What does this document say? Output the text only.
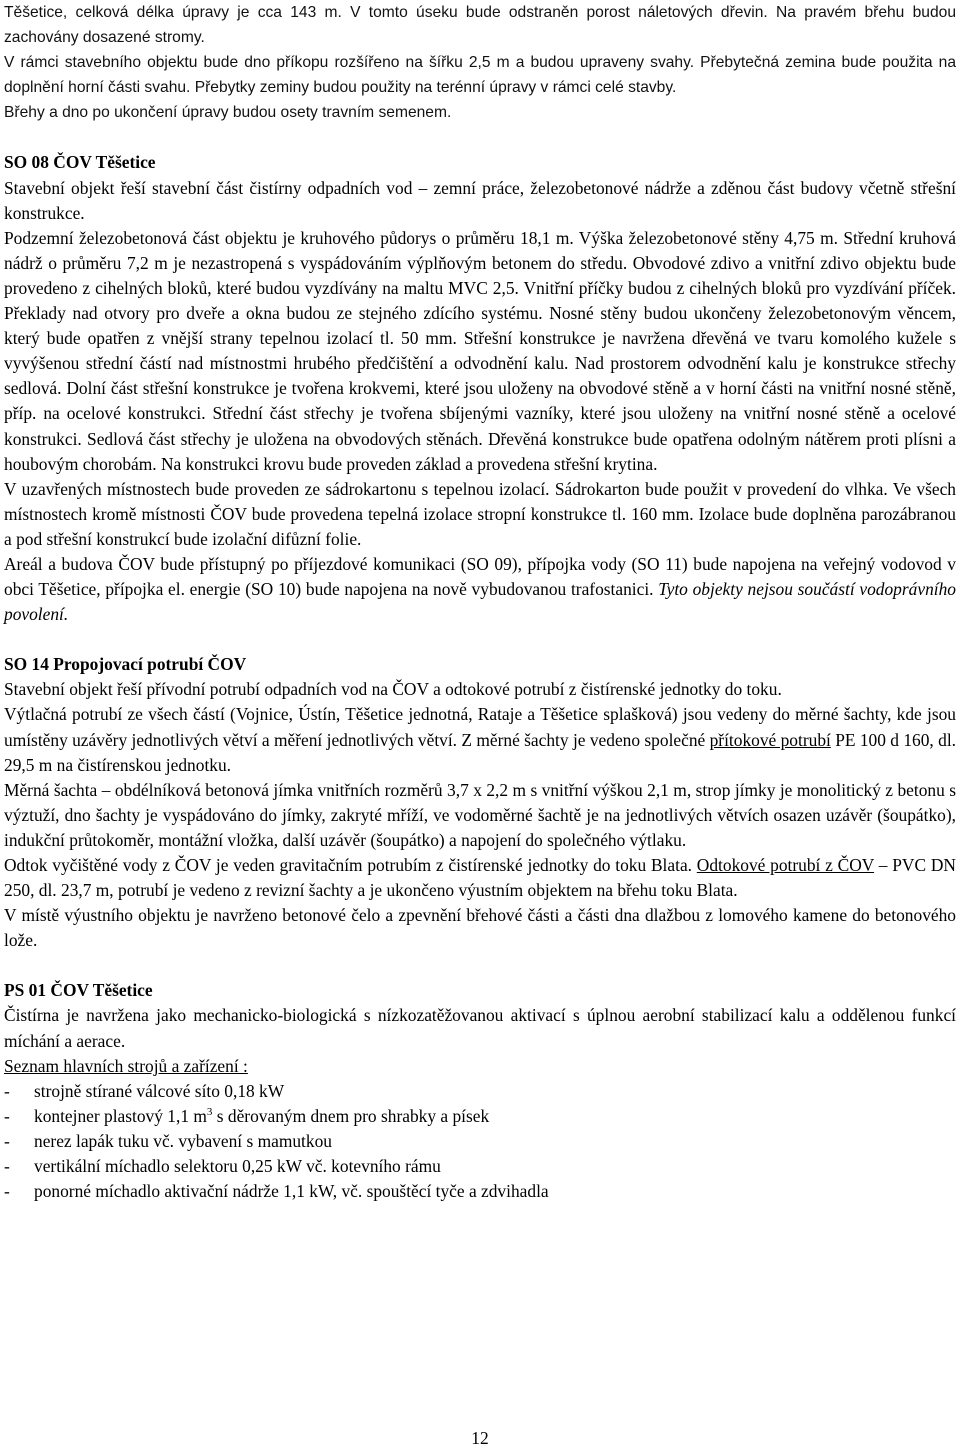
Těšetice, celková délka úpravy je cca 143 m. V tomto úseku bude odstraněn porost náletových dřevin. Na pravém břehu budou zachovány dosazené stromy.

V rámci stavebního objektu bude dno příkopu rozšířeno na šířku 2,5 m a budou upraveny svahy. Přebytečná zemina bude použita na doplnění horní části svahu. Přebytky zeminy budou použity na terénní úpravy v rámci celé stavby.

Břehy a dno po ukončení úpravy budou osety travním semenem.

SO 08 ČOV Těšetice

Stavební objekt řeší stavební část čistírny odpadních vod – zemní práce, železobetonové nádrže a zděnou část budovy včetně střešní konstrukce.

Podzemní železobetonová část objektu je kruhového půdorys o průměru 18,1 m. Výška železobetonové stěny 4,75 m. Střední kruhová nádrž o průměru 7,2 m je nezastropená s vyspádováním výplňovým betonem do středu. Obvodové zdivo a vnitřní zdivo objektu bude provedeno z cihelných bloků, které budou vyzdívány na maltu MVC 2,5. Vnitřní příčky budou z cihelných bloků pro vyzdívání příček. Překlady nad otvory pro dveře a okna budou ze stejného zdícího systému. Nosné stěny budou ukončeny železobetonovým věncem, který bude opatřen z vnější strany tepelnou izolací tl. 50 mm. Střešní konstrukce je navržena dřevěná ve tvaru komolého kužele s vyvýšenou střední částí nad místnostmi hrubého předčištění a odvodnění kalu. Nad prostorem odvodnění kalu je konstrukce střechy sedlová. Dolní část střešní konstrukce je tvořena krokvemi, které jsou uloženy na obvodové stěně a v horní části na vnitřní nosné stěně, příp. na ocelové konstrukci. Střední část střechy je tvořena sbíjenými vazníky, které jsou uloženy na vnitřní nosné stěně a ocelové konstrukci. Sedlová část střechy je uložena na obvodových stěnách. Dřevěná konstrukce bude opatřena odolným nátěrem proti plísni a houbovým chorobám. Na konstrukci krovu bude proveden základ a provedena střešní krytina.

V uzavřených místnostech bude proveden ze sádrokartonu s tepelnou izolací. Sádrokarton bude použit v provedení do vlhka. Ve všech místnostech kromě místnosti ČOV bude provedena tepelná izolace stropní konstrukce tl. 160 mm. Izolace bude doplněna parozábranou a pod střešní konstrukcí bude izolační difůzní folie.

Areál a budova ČOV bude přístupný po příjezdové komunikaci (SO 09), přípojka vody (SO 11) bude napojena na veřejný vodovod v obci Těšetice, přípojka el. energie (SO 10) bude napojena na nově vybudovanou trafostanici. Tyto objekty nejsou součástí vodoprávního povolení.

SO 14 Propojovací potrubí ČOV

Stavební objekt řeší přívodní potrubí odpadních vod na ČOV a odtokové potrubí z čistírenské jednotky do toku.

Výtlačná potrubí ze všech částí (Vojnice, Ústín, Těšetice jednotná, Rataje a Těšetice splašková) jsou vedeny do měrné šachty, kde jsou umístěny uzávěry jednotlivých větví a měření jednotlivých větví. Z měrné šachty je vedeno společné přítokové potrubí PE 100 d 160, dl. 29,5 m na čistírenskou jednotku.

Měrná šachta – obdélníková betonová jímka vnitřních rozměrů 3,7 x 2,2 m s vnitřní výškou 2,1 m, strop jímky je monolitický z betonu s výztuží, dno šachty je vyspádováno do jímky, zakryté mříží, ve vodoměrné šachtě je na jednotlivých větvích osazen uzávěr (šoupátko), indukční průtokoměr, montážní vložka, další uzávěr (šoupátko) a napojení do společného výtlaku.

Odtok vyčištěné vody z ČOV je veden gravitačním potrubím z čistírenské jednotky do toku Blata. Odtokové potrubí z ČOV – PVC DN 250, dl. 23,7 m, potrubí je vedeno z revizní šachty a je ukončeno výustním objektem na břehu toku Blata.

V místě výustního objektu je navrženo betonové čelo a zpevnění břehové části a části dna dlažbou z lomového kamene do betonového lože.

PS 01 ČOV Těšetice

Čistírna je navržena jako mechanicko-biologická s nízkozatěžovanou aktivací s úplnou aerobní stabilizací kalu a oddělenou funkcí míchání a aerace.

Seznam hlavních strojů a zařízení :

- strojně stírané válcové síto 0,18 kW
- kontejner plastový 1,1 $m^3$ s děrovaným dnem pro shrabky a písek
- nerez lapák tuku vč. vybavení s mamutkou
- vertikální míchadlo selektoru 0,25 kW vč. kotevního rámu
- ponorné míchadlo aktivační nádrže 1,1 kW, vč. spouštěcí tyče a zdvihadla
12
